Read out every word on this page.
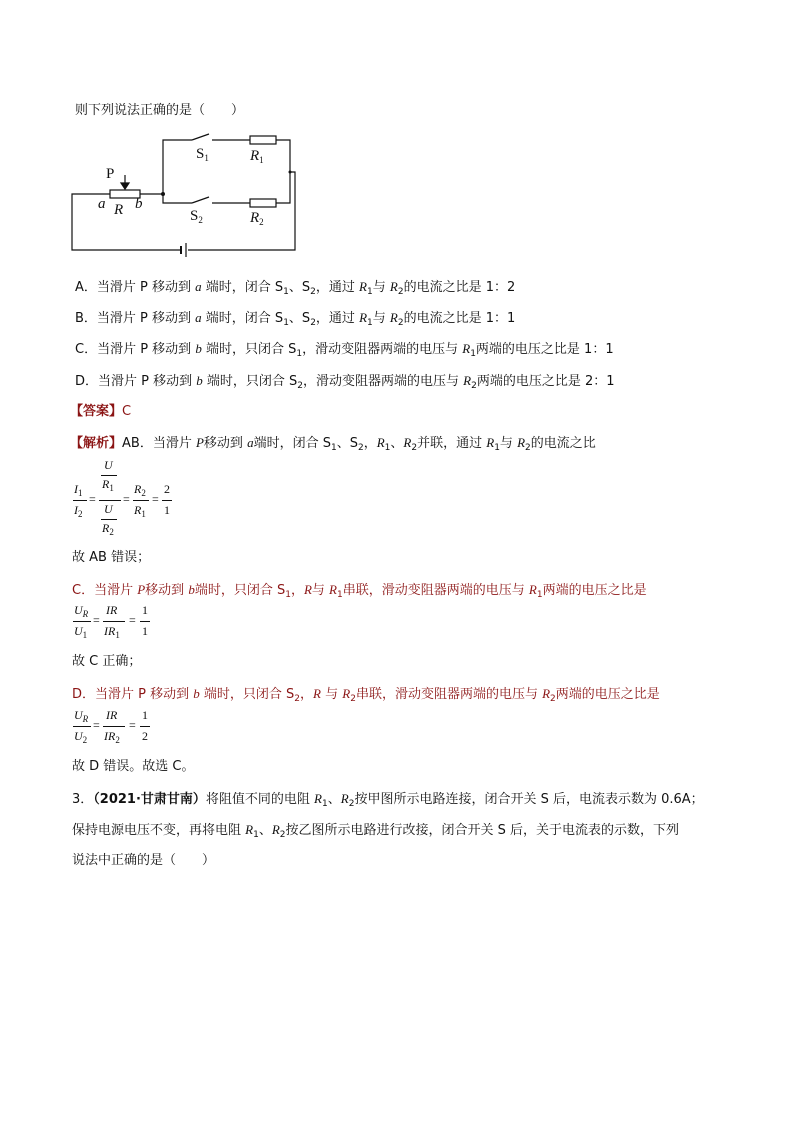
则下列说法正确的是（　　）
$S_1$	$R_1$
P
a R b
$S_2$	$R_2$
A．当滑片 P 移动到 a 端时，闭合 $S_1$、$S_2$，通过 $R_1$与 $R_2$的电流之比是 1：2
B．当滑片 P 移动到 a 端时，闭合 $S_1$、$S_2$，通过 $R_1$与 $R_2$的电流之比是 1：1
C．当滑片 P 移动到 b 端时，只闭合 $S_1$，滑动变阻器两端的电压与 $R_1$两端的电压之比是 1：1
D．当滑片 P 移动到 b 端时，只闭合 $S_2$，滑动变阻器两端的电压与 $R_2$两端的电压之比是 2：1
【答案】C
【解析】AB．当滑片 P移动到 a端时，闭合 $S_1$、$S_2$，$R_1$、$R_2$并联，通过 $R_1$与 $R_2$的电流之比
$I_1$
$I_2$
=
U
$R_1$
U
$R_2$
=
$R_2$
$R_1$
=
2
1
故 AB 错误；
C．当滑片 P移动到 b端时，只闭合 $S_1$，R与 $R_1$串联，滑动变阻器两端的电压与 $R_1$两端的电压之比是
$U_R$
$U_1$
=
IR
$IR_1$
=
1
1
故 C 正确；
D．当滑片 P 移动到 b 端时，只闭合 $S_2$，R 与 $R_2$串联，滑动变阻器两端的电压与 $R_2$两端的电压之比是
$U_R$
$U_2$
=
IR
$IR_2$
=
1
2
故 D 错误。故选 C。
3．（2021·甘肃甘南）将阻值不同的电阻 $R_1$、$R_2$按甲图所示电路连接，闭合开关 S 后，电流表示数为 0.6A；
保持电源电压不变，再将电阻 $R_1$、$R_2$按乙图所示电路进行改接，闭合开关 S 后，关于电流表的示数，下列
说法中正确的是（　　）
